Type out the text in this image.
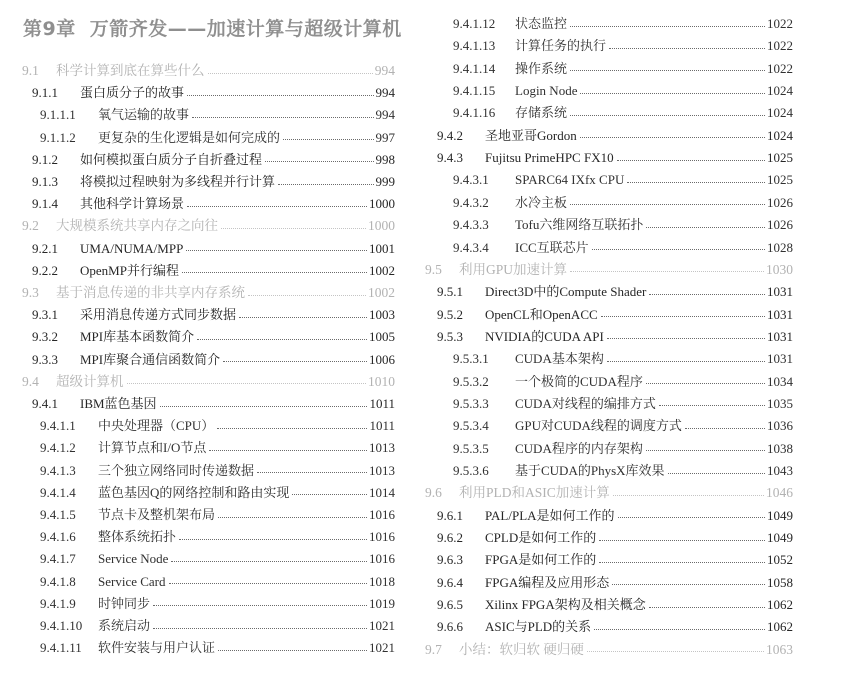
第9章 万箭齐发——加速计算与超级计算机
9.1	科学计算到底在算些什么	994
9.1.1	蛋白质分子的故事	994
9.1.1.1	氧气运输的故事	994
9.1.1.2	更复杂的生化逻辑是如何完成的	997
9.1.2	如何模拟蛋白质分子自折叠过程	998
9.1.3	将模拟过程映射为多线程并行计算	999
9.1.4	其他科学计算场景	1000
9.2	大规模系统共享内存之向往	1000
9.2.1	UMA/NUMA/MPP	1001
9.2.2	OpenMP并行编程	1002
9.3	基于消息传递的非共享内存系统	1002
9.3.1	采用消息传递方式同步数据	1003
9.3.2	MPI库基本函数简介	1005
9.3.3	MPI库聚合通信函数简介	1006
9.4	超级计算机	1010
9.4.1	IBM蓝色基因	1011
9.4.1.1	中央处理器（CPU）	1011
9.4.1.2	计算节点和I/O节点	1013
9.4.1.3	三个独立网络同时传递数据	1013
9.4.1.4	蓝色基因Q的网络控制和路由实现	1014
9.4.1.5	节点卡及整机架布局	1016
9.4.1.6	整体系统拓扑	1016
9.4.1.7	Service Node	1016
9.4.1.8	Service Card	1018
9.4.1.9	时钟同步	1019
9.4.1.10	系统启动	1021
9.4.1.11	软件安装与用户认证	1021
9.4.1.12	状态监控	1022
9.4.1.13	计算任务的执行	1022
9.4.1.14	操作系统	1022
9.4.1.15	Login Node	1024
9.4.1.16	存储系统	1024
9.4.2	圣地亚哥Gordon	1024
9.4.3	Fujitsu PrimeHPC FX10	1025
9.4.3.1	SPARC64 IXfx CPU	1025
9.4.3.2	水冷主板	1026
9.4.3.3	Tofu六维网络互联拓扑	1026
9.4.3.4	ICC互联芯片	1028
9.5	利用GPU加速计算	1030
9.5.1	Direct3D中的Compute Shader	1031
9.5.2	OpenCL和OpenACC	1031
9.5.3	NVIDIA的CUDA API	1031
9.5.3.1	CUDA基本架构	1031
9.5.3.2	一个极简的CUDA程序	1034
9.5.3.3	CUDA对线程的编排方式	1035
9.5.3.4	GPU对CUDA线程的调度方式	1036
9.5.3.5	CUDA程序的内存架构	1038
9.5.3.6	基于CUDA的PhysX库效果	1043
9.6	利用PLD和ASIC加速计算	1046
9.6.1	PAL/PLA是如何工作的	1049
9.6.2	CPLD是如何工作的	1049
9.6.3	FPGA是如何工作的	1052
9.6.4	FPGA编程及应用形态	1058
9.6.5	Xilinx FPGA架构及相关概念	1062
9.6.6	ASIC与PLD的关系	1062
9.7	小结：软归软 硬归硬	1063
